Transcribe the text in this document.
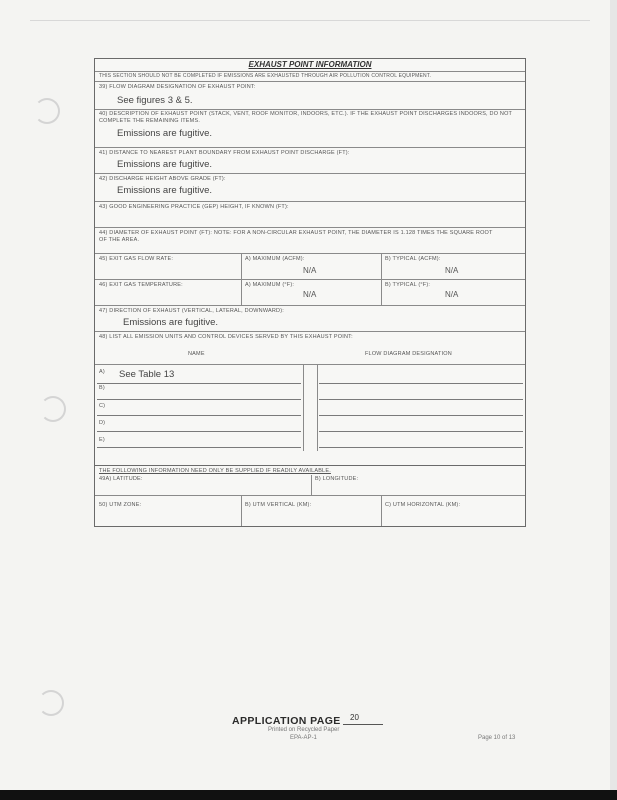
EXHAUST POINT INFORMATION
THIS SECTION SHOULD NOT BE COMPLETED IF EMISSIONS ARE EXHAUSTED THROUGH AIR POLLUTION CONTROL EQUIPMENT.
39) FLOW DIAGRAM DESIGNATION OF EXHAUST POINT:
See figures 3 & 5.
40) DESCRIPTION OF EXHAUST POINT (STACK, VENT, ROOF MONITOR, INDOORS, ETC.). IF THE EXHAUST POINT DISCHARGES INDOORS, DO NOT COMPLETE THE REMAINING ITEMS.
Emissions are fugitive.
41) DISTANCE TO NEAREST PLANT BOUNDARY FROM EXHAUST POINT DISCHARGE (FT):
Emissions are fugitive.
42) DISCHARGE HEIGHT ABOVE GRADE (FT):
Emissions are fugitive.
43) GOOD ENGINEERING PRACTICE (GEP) HEIGHT, IF KNOWN (FT):
44) DIAMETER OF EXHAUST POINT (FT): NOTE: FOR A NON-CIRCULAR EXHAUST POINT, THE DIAMETER IS 1.128 TIMES THE SQUARE ROOT OF THE AREA.
45) EXIT GAS FLOW RATE:	A) MAXIMUM (ACFM):
N/A
B) TYPICAL (ACFM):
N/A
46) EXIT GAS TEMPERATURE:	A) MAXIMUM (°F):
N/A
B) TYPICAL (°F):
N/A
47) DIRECTION OF EXHAUST (VERTICAL, LATERAL, DOWNWARD):
Emissions are fugitive.
48) LIST ALL EMISSION UNITS AND CONTROL DEVICES SERVED BY THIS EXHAUST POINT:
NAME	FLOW DIAGRAM DESIGNATION
A) See Table 13
B)
C)
D)
E)
THE FOLLOWING INFORMATION NEED ONLY BE SUPPLIED IF READILY AVAILABLE.
49A) LATITUDE:	B) LONGITUDE:
50) UTM ZONE:	B) UTM VERTICAL (KM):	C) UTM HORIZONTAL (KM):
APPLICATION PAGE 20
Printed on Recycled Paper
EPA-AP-1	Page 10 of 13
